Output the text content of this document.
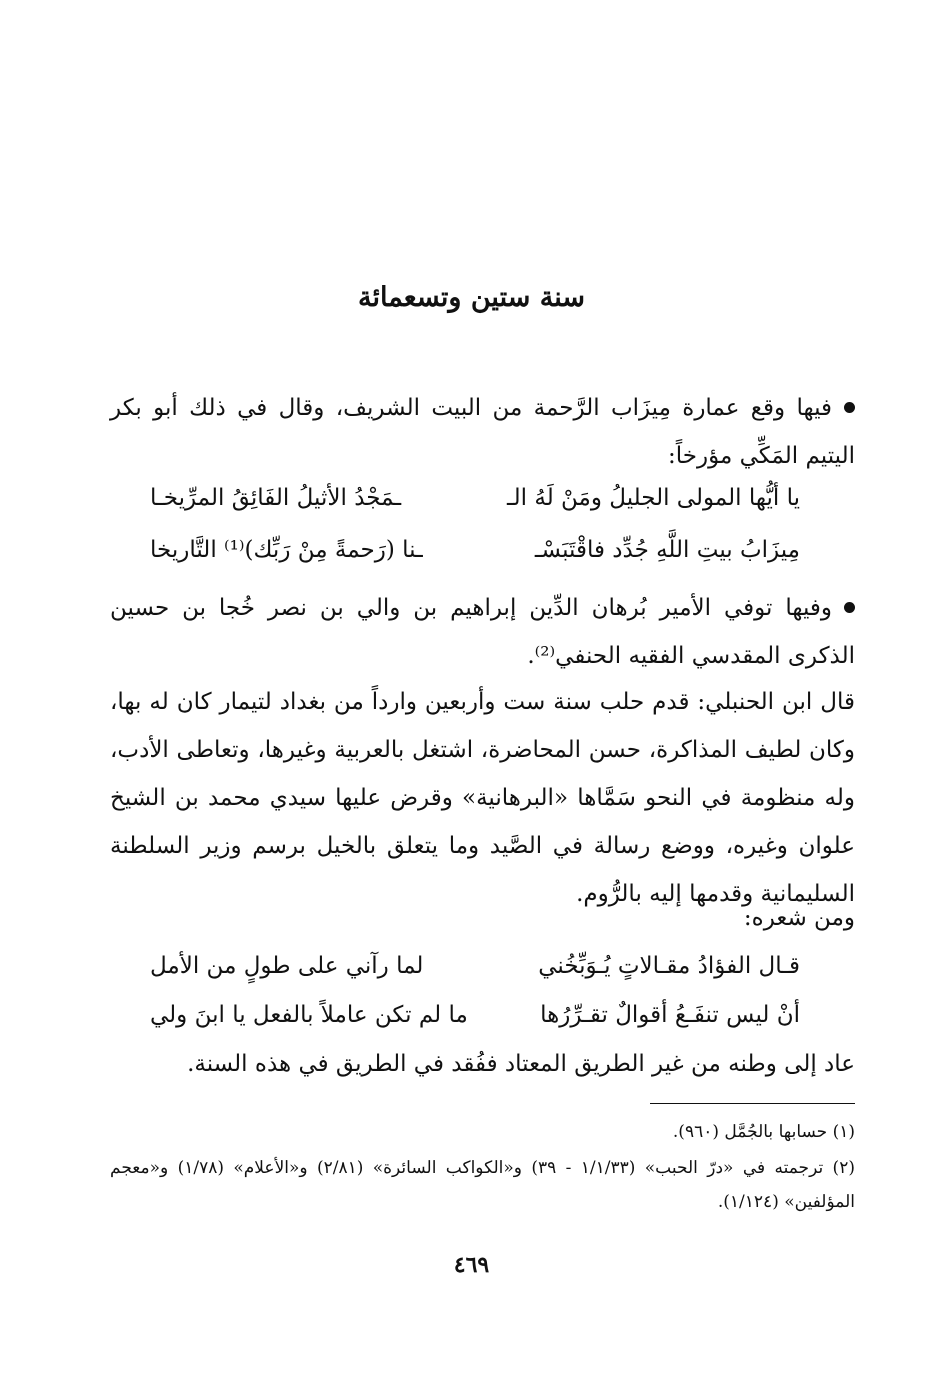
سنة ستين وتسعمائة
فيها وقع عمارة مِيزَاب الرَّحمة من البيت الشريف، وقال في ذلك أبو بكر اليتيم المَكِّي مؤرخاً:
يا أيُّها المولى الجليلُ ومَنْ لَهُ الـ
ـمَجْدُ الأثيلُ الفَائِقُ المرِّيخـا
مِيزَابُ بيتِ اللَّهِ جُدِّد فاقْتَبَسْـ
ـنا (رَحمةً مِنْ رَبِّك)⁽¹⁾ التَّاريخا
وفيها توفي الأمير بُرهان الدِّين إبراهيم بن والي بن نصر خُجا بن حسين الذكرى المقدسي الفقيه الحنفي⁽²⁾.
قال ابن الحنبلي: قدم حلب سنة ست وأربعين وارداً من بغداد لتيمار كان له بها، وكان لطيف المذاكرة، حسن المحاضرة، اشتغل بالعربية وغيرها، وتعاطى الأدب، وله منظومة في النحو سَمَّاها «البرهانية» وقرض عليها سيدي محمد بن الشيخ علوان وغيره، ووضع رسالة في الصَّيد وما يتعلق بالخيل برسم وزير السلطنة السليمانية وقدمها إليه بالرُّوم.
ومن شعره:
قـال الفؤادُ مقـالاتٍ يُـوَبِّخُني
لما رآني على طولٍ من الأمل
أنْ ليس تنفَـعُ أقوالٌ تقـرِّرُها
ما لم تكن عاملاً بالفعل يا ابنَ ولي
عاد إلى وطنه من غير الطريق المعتاد ففُقد في الطريق في هذه السنة.

(١) حسابها بالجُمَّل (٩٦٠).

(٢) ترجمته في «درّ الحبب» (١/١/٣٣ - ٣٩) و«الكواكب السائرة» (٢/٨١) و«الأعلام» (١/٧٨) و«معجم المؤلفين» (١/١٢٤).

٤٦٩
